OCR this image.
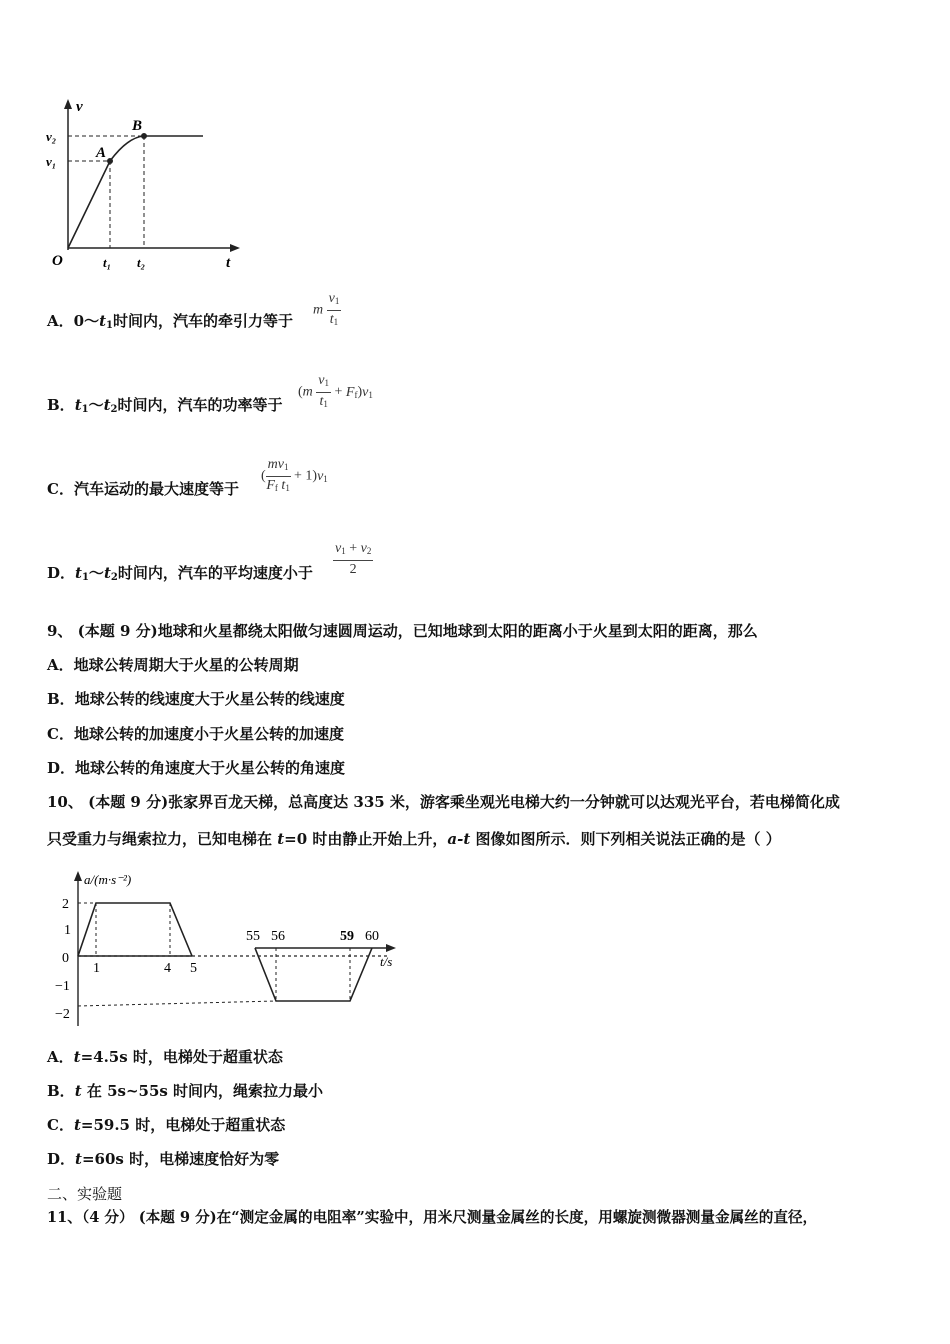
v
v₂
v₁
A
B
O	t₁ t₂	t
A．$0\sim t_1$时间内，汽车的牵引力等于
m $\frac{v1}{t1}$
B．$t_1\sim t_2$时间内，汽车的功率等于
$(m \frac{v1}{t1} + Ff)v1$
C．汽车运动的最大速度等于
( $\frac{mv1}{\text{Ff t1}} + 1)v1$
D．$t_1\sim t_2$时间内，汽车的平均速度小于 $\frac{v1 + v2}{2}$
9、 (本题 9 分)地球和火星都绕太阳做匀速圆周运动，已知地球到太阳的距离小于火星到太阳的距离，那么
A．地球公转周期大于火星的公转周期
B．地球公转的线速度大于火星公转的线速度
C．地球公转的加速度小于火星公转的加速度
D．地球公转的角速度大于火星公转的角速度
10、 (本题 9 分)张家界百龙天梯，总高度达 335 米，游客乘坐观光电梯大约一分钟就可以达观光平台，若电梯简化成
只受重力与绳索拉力，已知电梯在 t=0 时由静止开始上升，a-t 图像如图所示．则下列相关说法正确的是（ ）
a/(m·s⁻²)
2
1
0
−1
−2
1	4 5
55 56	59 60
t/s
A．t=4.5s 时，电梯处于超重状态
B．t 在 5s~55s 时间内，绳索拉力最小
C．t=59.5 时，电梯处于超重状态
D．t=60s 时，电梯速度恰好为零
二、实验题
11、（4 分） (本题 9 分)在“测定金属的电阻率”实验中，用米尺测量金属丝的长度，用螺旋测微器测量金属丝的直径，
